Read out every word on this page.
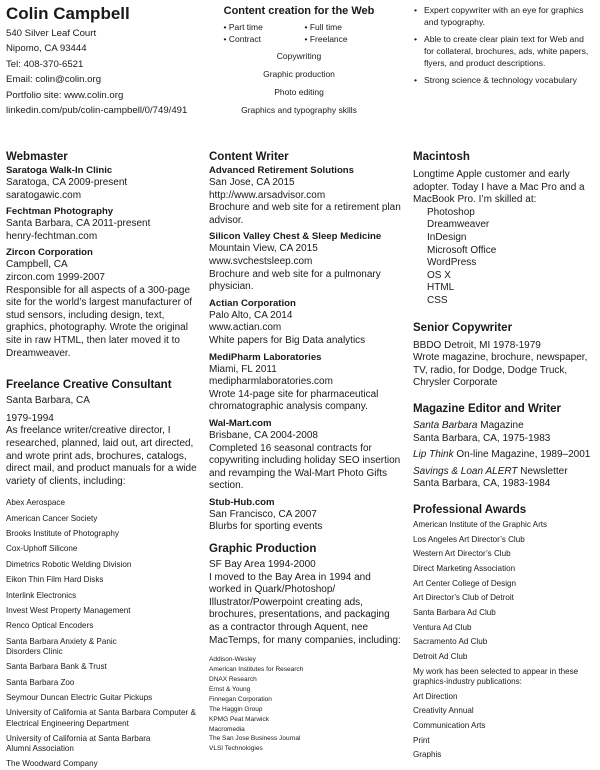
Colin Campbell
540 Silver Leaf Court
Nipomo, CA 93444
Tel: 408-370-6521
Email: colin@colin.org
Portfolio site: www.colin.org
linkedin.com/pub/colin-campbell/0/749/491
Content creation for the Web
• Part time	• Full time
• Contract	• Freelance
Copywriting
Graphic production
Photo editing
Graphics and typography skills
• Expert copywriter with an eye for graphics and typography.
• Able to create clear plain text for Web and for collateral, brochures, ads, white papers, flyers, and product descriptions.
• Strong science & technology vocabulary
Webmaster
Saratoga Walk-In Clinic
Saratoga, CA 2009-present
saratogawic.com
Fechtman Photography
Santa Barbara, CA 2011-present
henry-fechtman.com
Zircon Corporation
Campbell, CA
zircon.com 1999-2007
Responsible for all aspects of a 300-page site for the world’s largest manufacturer of stud sensors, including design, text, graphics, photography. Wrote the original site in raw HTML, then later moved it to Dreamweaver.
Freelance Creative Consultant
Santa Barbara, CA
1979-1994
As freelance writer/creative director, I researched, planned, laid out, art directed, and wrote print ads, brochures, catalogs, direct mail, and product manuals for a wide variety of clients, including:
Abex Aerospace
American Cancer Society
Brooks Institute of Photography
Cox-Uphoff Silicone
Dimetrics Robotic Welding Division
Eikon Thin Film Hard Disks
Interlink Electronics
Invest West Property Management
Renco Optical Encoders
Santa Barbara Anxiety & Panic Disorders Clinic
Santa Barbara Bank & Trust
Santa Barbara Zoo
Seymour Duncan Electric Guitar Pickups
University of California at Santa Barbara Computer & Electrical Engineering Department
University of California at Santa Barbara Alumni Association
The Woodward Company
Content Writer
Advanced Retirement Solutions
San Jose, CA 2015
http://www.arsadvisor.com
Brochure and web site for a retirement plan advisor.
Silicon Valley Chest & Sleep Medicine
Mountain View, CA 2015
www.svchestsleep.com
Brochure and web site for a pulmonary physician.
Actian Corporation
Palo Alto, CA 2014
www.actian.com
White papers for Big Data analytics
MediPharm Laboratories
Miami, FL 2011
medipharmlaboratories.com
Wrote 14-page site for pharmaceutical chromatographic analysis company.
Wal-Mart.com
Brisbane, CA 2004-2008
Completed 16 seasonal contracts for copywriting including holiday SEO insertion and revamping the Wal-Mart Photo Gifts section.
Stub-Hub.com
San Francisco, CA 2007
Blurbs for sporting events
Graphic Production
SF Bay Area 1994-2000
I moved to the Bay Area in 1994 and worked in Quark/Photoshop/ Illustrator/Powerpoint creating ads, brochures, presentations, and packaging as a contractor through Aquent, nee MacTemps, for many companies, including:
Addison-Wesley
American Institutes for Research
DNAX Research
Ernst & Young
Finnegan Corporation
The Haggin Group
KPMG Peat Marwick
Macromedia
The San Jose Business Journal
VLSI Technologies
Macintosh
Longtime Apple customer and early adopter. Today I have a Mac Pro and a MacBook Pro. I’m skilled at:
Photoshop
Dreamweaver
InDesign
Microsoft Office
WordPress
OS X
HTML
CSS
Senior Copywriter
BBDO Detroit, MI 1978-1979
Wrote magazine, brochure, newspaper, TV, radio, for Dodge, Dodge Truck, Chrysler Corporate
Magazine Editor and Writer
Santa Barbara Magazine
Santa Barbara, CA, 1975-1983
Lip Think On-line Magazine, 1989–2001
Savings & Loan ALERT Newsletter
Santa Barbara, CA, 1983-1984
Professional Awards
American Institute of the Graphic Arts
Los Angeles Art Director’s Club
Western Art Director’s Club
Direct Marketing Association
Art Center College of Design
Art Director’s Club of Detroit
Santa Barbara Ad Club
Ventura Ad Club
Sacramento Ad Club
Detroit Ad Club
My work has been selected to appear in these graphics-industry publications:
Art Direction
Creativity Annual
Communication Arts
Print
Graphis
